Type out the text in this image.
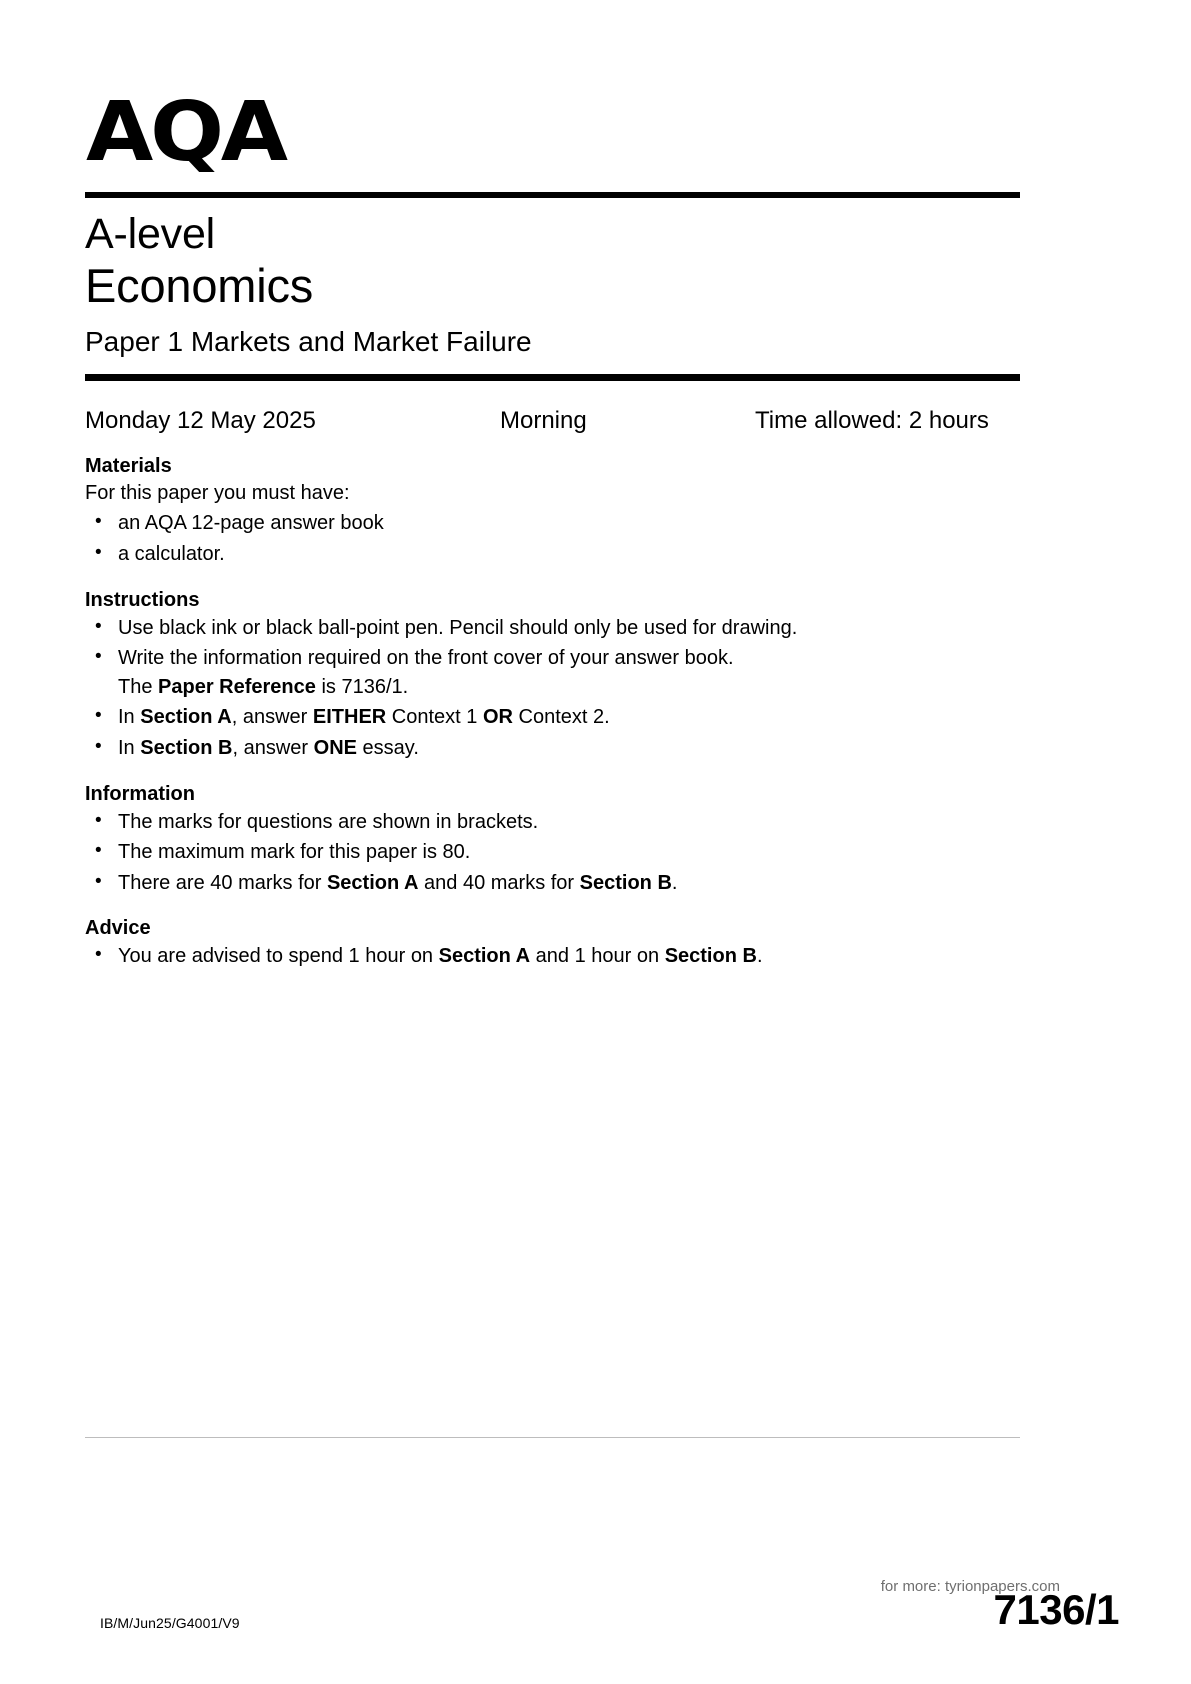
AQA
A-level
Economics
Paper 1 Markets and Market Failure
Monday 12 May 2025	Morning	Time allowed: 2 hours
Materials
For this paper you must have:
• an AQA 12-page answer book
• a calculator.
Instructions
• Use black ink or black ball-point pen. Pencil should only be used for drawing.
• Write the information required on the front cover of your answer book.
The Paper Reference is 7136/1.
• In Section A, answer EITHER Context 1 OR Context 2.
• In Section B, answer ONE essay.
Information
• The marks for questions are shown in brackets.
• The maximum mark for this paper is 80.
• There are 40 marks for Section A and 40 marks for Section B.
Advice
• You are advised to spend 1 hour on Section A and 1 hour on Section B.
for more: tyrionpapers.com
IB/M/Jun25/G4001/V9	7136/1
